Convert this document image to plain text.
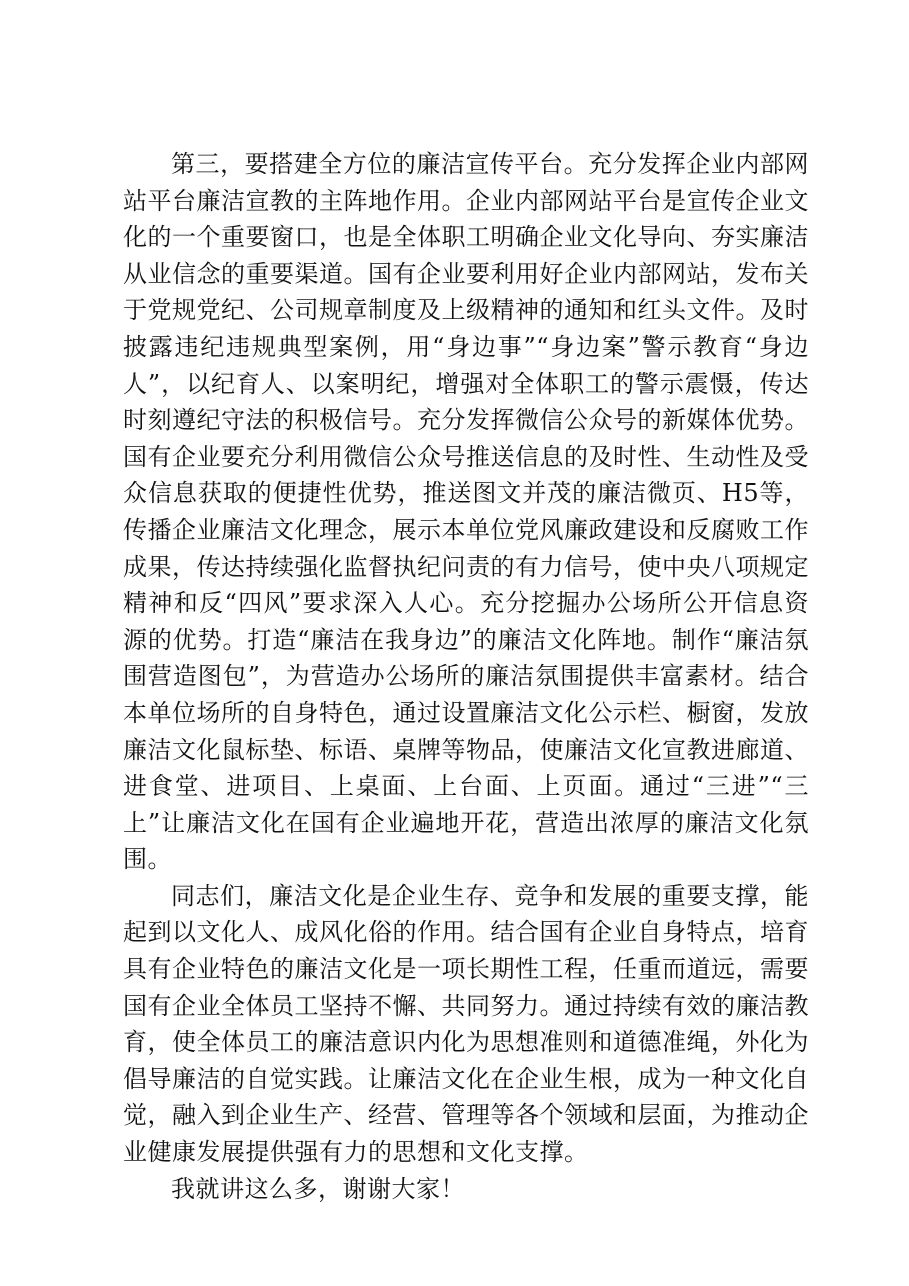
第三，要搭建全方位的廉洁宣传平台。充分发挥企业内部网站平台廉洁宣教的主阵地作用。企业内部网站平台是宣传企业文化的一个重要窗口，也是全体职工明确企业文化导向、夯实廉洁从业信念的重要渠道。国有企业要利用好企业内部网站，发布关于党规党纪、公司规章制度及上级精神的通知和红头文件。及时披露违纪违规典型案例，用“身边事”“身边案”警示教育“身边人”，以纪育人、以案明纪，增强对全体职工的警示震慑，传达时刻遵纪守法的积极信号。充分发挥微信公众号的新媒体优势。国有企业要充分利用微信公众号推送信息的及时性、生动性及受众信息获取的便捷性优势，推送图文并茂的廉洁微页、H5等，传播企业廉洁文化理念，展示本单位党风廉政建设和反腐败工作成果，传达持续强化监督执纪问责的有力信号，使中央八项规定精神和反“四风”要求深入人心。充分挖掘办公场所公开信息资源的优势。打造“廉洁在我身边”的廉洁文化阵地。制作“廉洁氛围营造图包”，为营造办公场所的廉洁氛围提供丰富素材。结合本单位场所的自身特色，通过设置廉洁文化公示栏、橱窗，发放廉洁文化鼠标垫、标语、桌牌等物品，使廉洁文化宣教进廊道、进食堂、进项目、上桌面、上台面、上页面。通过“三进”“三上”让廉洁文化在国有企业遍地开花，营造出浓厚的廉洁文化氛围。

同志们，廉洁文化是企业生存、竞争和发展的重要支撑，能起到以文化人、成风化俗的作用。结合国有企业自身特点，培育具有企业特色的廉洁文化是一项长期性工程，任重而道远，需要国有企业全体员工坚持不懈、共同努力。通过持续有效的廉洁教育，使全体员工的廉洁意识内化为思想准则和道德准绳，外化为倡导廉洁的自觉实践。让廉洁文化在企业生根，成为一种文化自觉，融入到企业生产、经营、管理等各个领域和层面，为推动企业健康发展提供强有力的思想和文化支撑。

我就讲这么多，谢谢大家！
